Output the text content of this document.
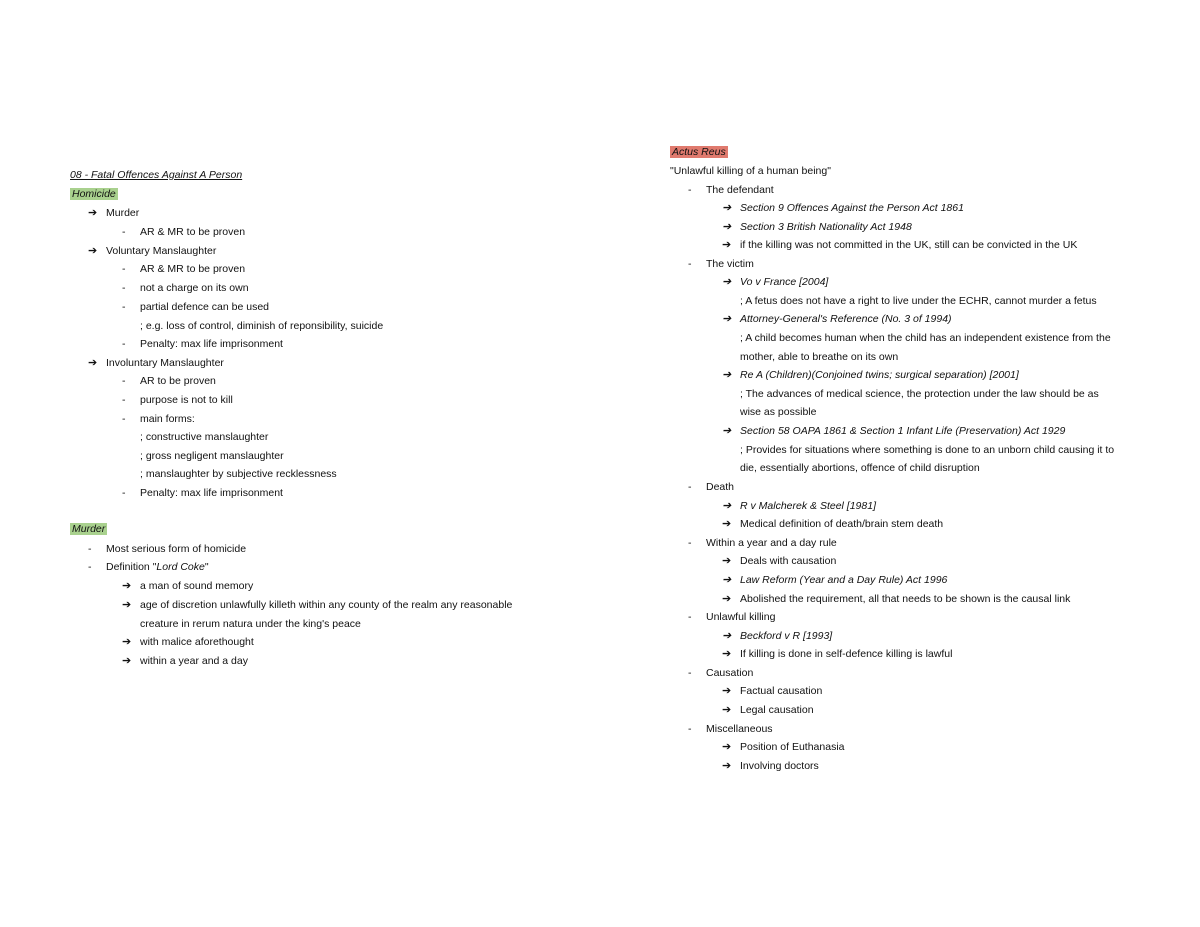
08 - Fatal Offences Against A Person
Homicide
➔ Murder
- AR & MR to be proven
➔ Voluntary Manslaughter
- AR & MR to be proven
- not a charge on its own
- partial defence can be used
; e.g. loss of control, diminish of reponsibility, suicide
- Penalty: max life imprisonment
➔ Involuntary Manslaughter
- AR to be proven
- purpose is not to kill
- main forms:
; constructive manslaughter
; gross negligent manslaughter
; manslaughter by subjective recklessness
- Penalty: max life imprisonment
Murder
- Most serious form of homicide
- Definition "Lord Coke"
➔ a man of sound memory
➔ age of discretion unlawfully killeth within any county of the realm any reasonable
creature in rerum natura under the king's peace
➔ with malice aforethought
➔ within a year and a day
Actus Reus
"Unlawful killing of a human being"
- The defendant
➔ Section 9 Offences Against the Person Act 1861
➔ Section 3 British Nationality Act 1948
➔ if the killing was not committed in the UK, still can be convicted in the UK
- The victim
➔ Vo v France [2004]
; A fetus does not have a right to live under the ECHR, cannot murder a fetus
➔ Attorney-General's Reference (No. 3 of 1994)
; A child becomes human when the child has an independent existence from the
mother, able to breathe on its own
➔ Re A (Children)(Conjoined twins; surgical separation) [2001]
; The advances of medical science, the protection under the law should be as
wise as possible
➔ Section 58 OAPA 1861 & Section 1 Infant Life (Preservation) Act 1929
; Provides for situations where something is done to an unborn child causing it to
die, essentially abortions, offence of child disruption
- Death
➔ R v Malcherek & Steel [1981]
➔ Medical definition of death/brain stem death
- Within a year and a day rule
➔ Deals with causation
➔ Law Reform (Year and a Day Rule) Act 1996
➔ Abolished the requirement, all that needs to be shown is the causal link
- Unlawful killing
➔ Beckford v R [1993]
➔ If killing is done in self-defence killing is lawful
- Causation
➔ Factual causation
➔ Legal causation
- Miscellaneous
➔ Position of Euthanasia
➔ Involving doctors
